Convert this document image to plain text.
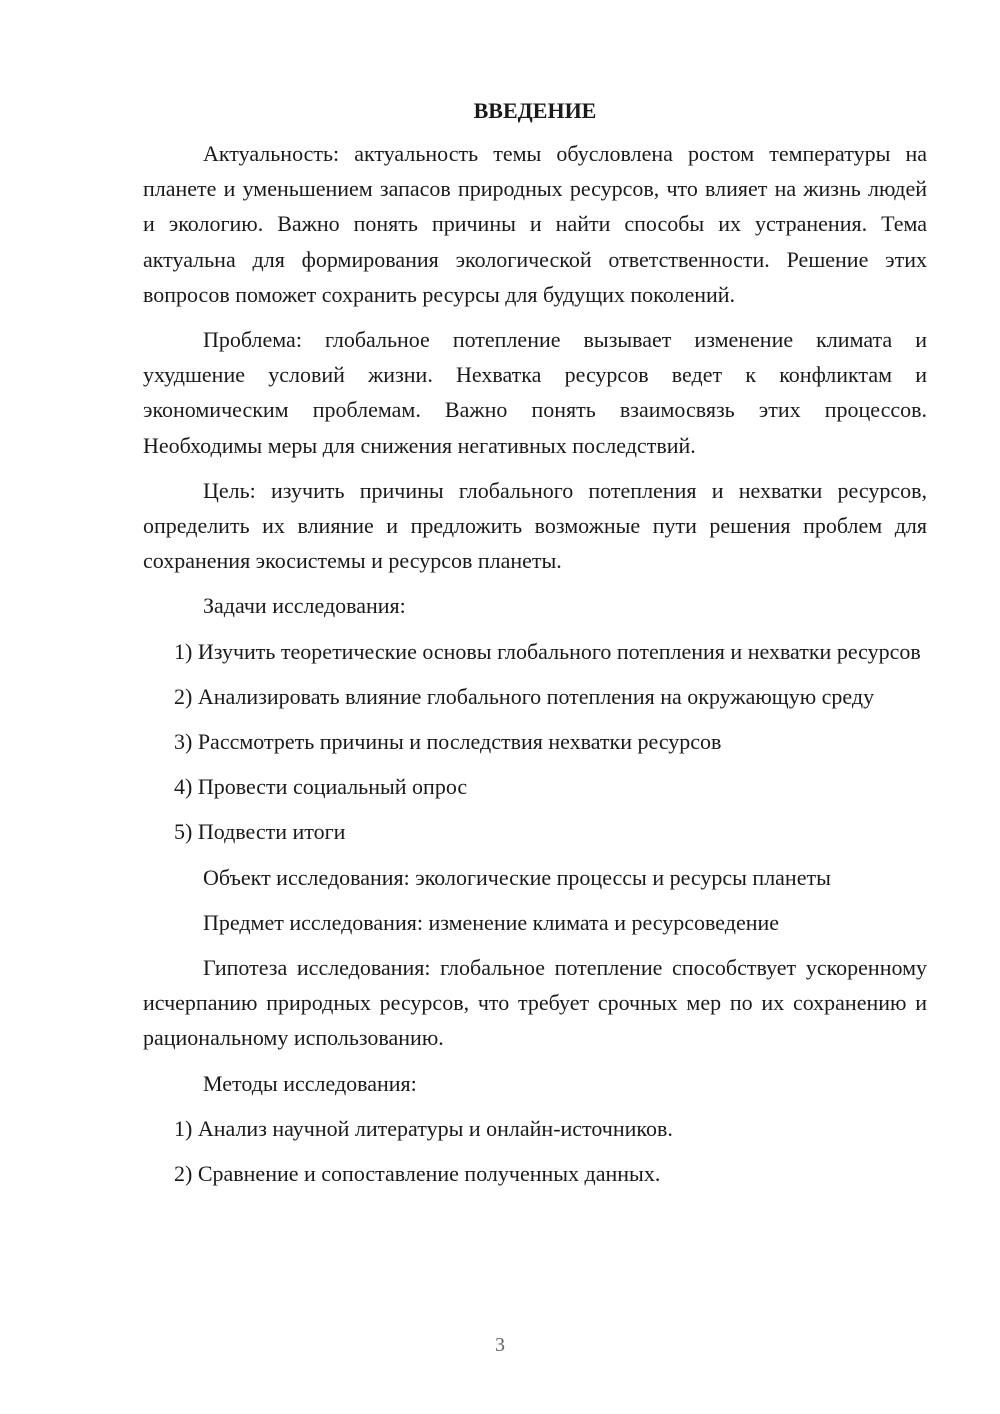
ВВЕДЕНИЕ

Актуальность: актуальность темы обусловлена ростом температуры на планете и уменьшением запасов природных ресурсов, что влияет на жизнь людей и экологию. Важно понять причины и найти способы их устранения. Тема актуальна для формирования экологической ответственности. Решение этих вопросов поможет сохранить ресурсы для будущих поколений.

Проблема: глобальное потепление вызывает изменение климата и ухудшение условий жизни. Нехватка ресурсов ведет к конфликтам и экономическим проблемам. Важно понять взаимосвязь этих процессов. Необходимы меры для снижения негативных последствий.

Цель: изучить причины глобального потепления и нехватки ресурсов, определить их влияние и предложить возможные пути решения проблем для сохранения экосистемы и ресурсов планеты.

Задачи исследования:

1) Изучить теоретические основы глобального потепления и нехватки ресурсов

2) Анализировать влияние глобального потепления на окружающую среду

3) Рассмотреть причины и последствия нехватки ресурсов

4) Провести социальный опрос

5) Подвести итоги

Объект исследования: экологические процессы и ресурсы планеты

Предмет исследования: изменение климата и ресурсоведение

Гипотеза исследования: глобальное потепление способствует ускоренному исчерпанию природных ресурсов, что требует срочных мер по их сохранению и рациональному использованию.

Методы исследования:

1) Анализ научной литературы и онлайн-источников.

2) Сравнение и сопоставление полученных данных.

3
